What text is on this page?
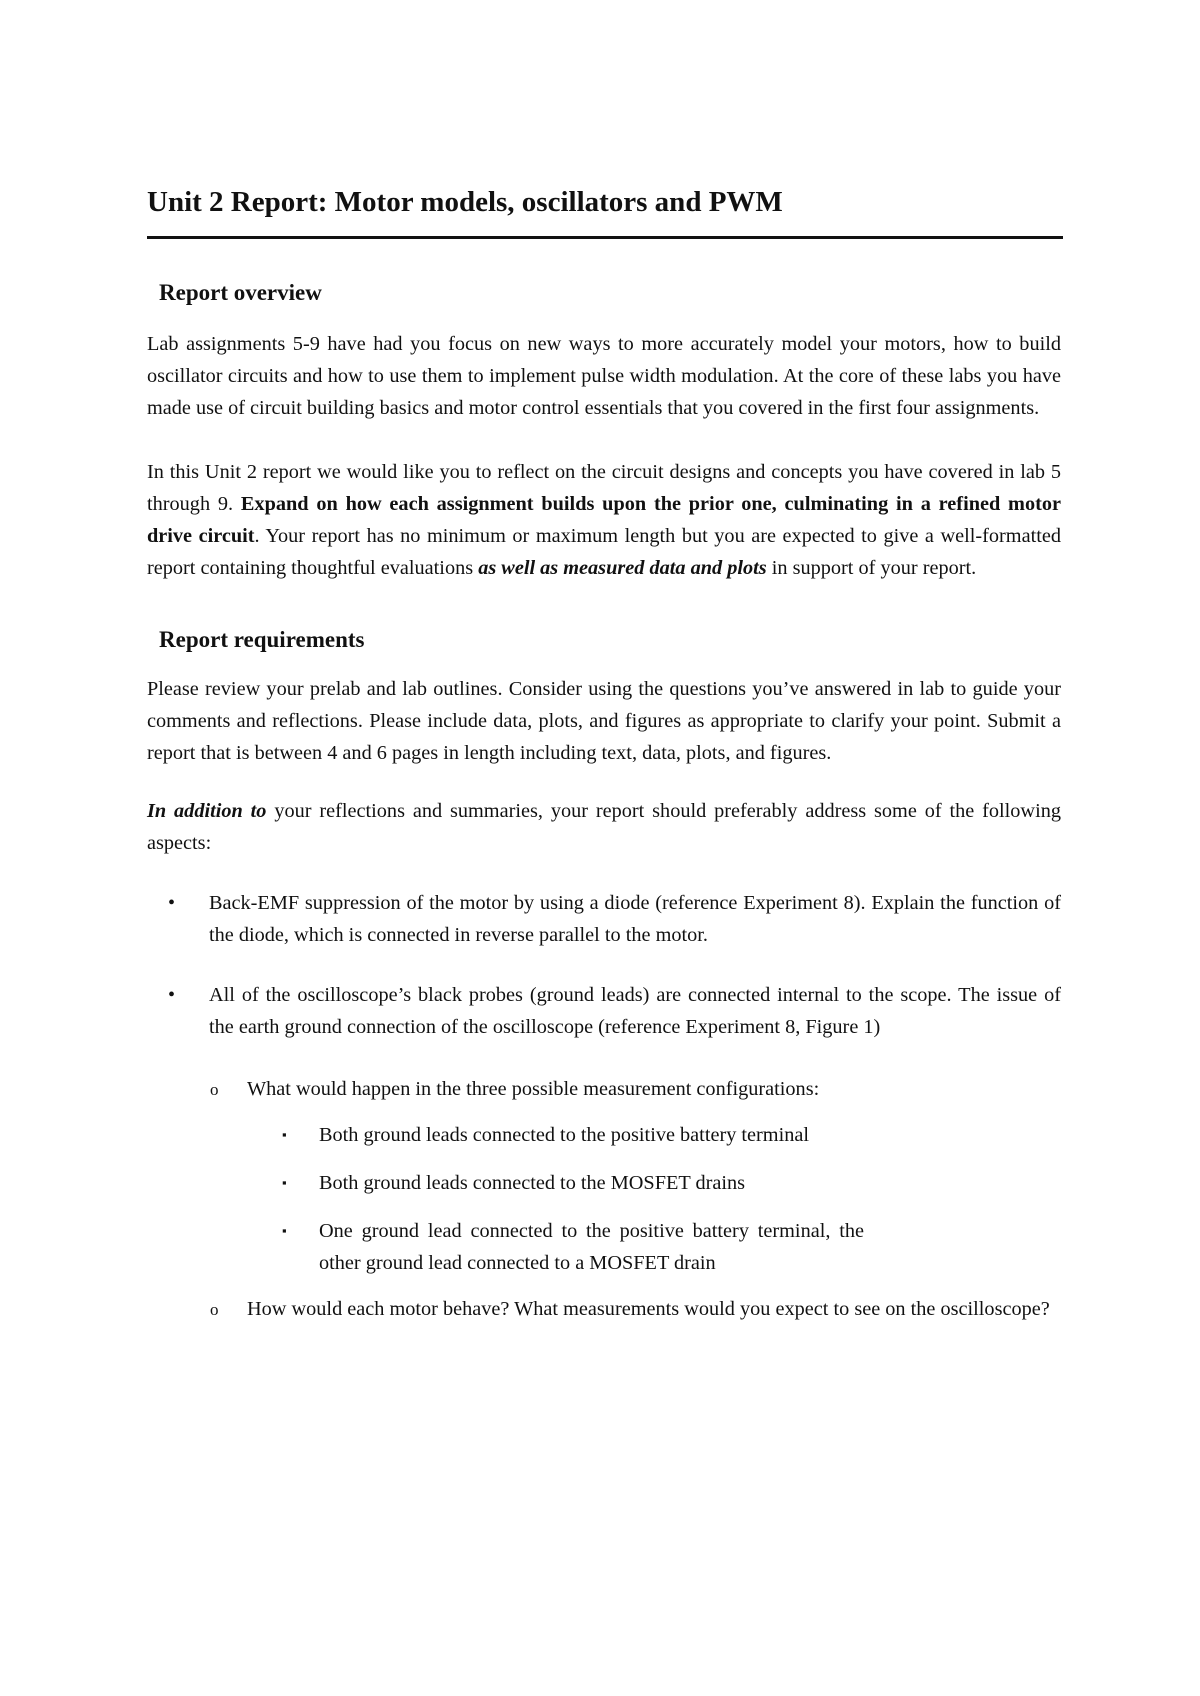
Unit 2 Report: Motor models, oscillators and PWM
Report overview

Lab assignments 5-9 have had you focus on new ways to more accurately model your motors, how to build oscillator circuits and how to use them to implement pulse width modulation. At the core of these labs you have made use of circuit building basics and motor control essentials that you covered in the first four assignments.

In this Unit 2 report we would like you to reflect on the circuit designs and concepts you have covered in lab 5 through 9. Expand on how each assignment builds upon the prior one, culminating in a refined motor drive circuit. Your report has no minimum or maximum length but you are expected to give a well-formatted report containing thoughtful evaluations as well as measured data and plots in support of your report.

Report requirements

Please review your prelab and lab outlines. Consider using the questions you’ve answered in lab to guide your comments and reflections. Please include data, plots, and figures as appropriate to clarify your point. Submit a report that is between 4 and 6 pages in length including text, data, plots, and figures.

In addition to your reflections and summaries, your report should preferably address some of the following aspects:

• Back-EMF suppression of the motor by using a diode (reference Experiment 8). Explain the function of the diode, which is connected in reverse parallel to the motor.
• All of the oscilloscope’s black probes (ground leads) are connected internal to the scope. The issue of the earth ground connection of the oscilloscope (reference Experiment 8, Figure 1)
o What would happen in the three possible measurement configurations:
▪ Both ground leads connected to the positive battery terminal
▪ Both ground leads connected to the MOSFET drains
▪ One ground lead connected to the positive battery terminal, the other ground lead connected to a MOSFET drain
o How would each motor behave? What measurements would you expect to see on the oscilloscope?
